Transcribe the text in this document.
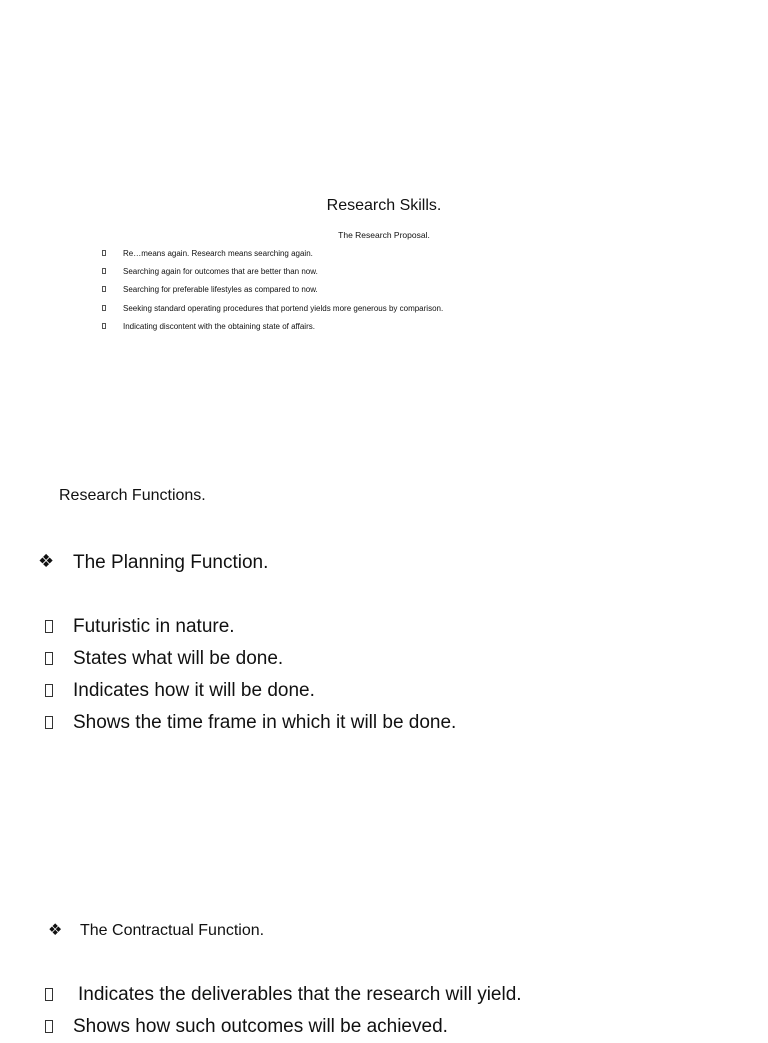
Research Skills.
The Research Proposal.
Re…means again. Research means searching again.
Searching again for outcomes that are better than now.
Searching for preferable lifestyles as compared to now.
Seeking standard operating procedures that portend yields more generous by comparison.
Indicating discontent with the obtaining state of affairs.
Research Functions.
❖ The Planning Function.
Futuristic in nature.
States what will be done.
Indicates how it will be done.
Shows the time frame in which it will be done.
❖ The Contractual Function.
Indicates the deliverables that the research will yield.
Shows how such outcomes will be achieved.
